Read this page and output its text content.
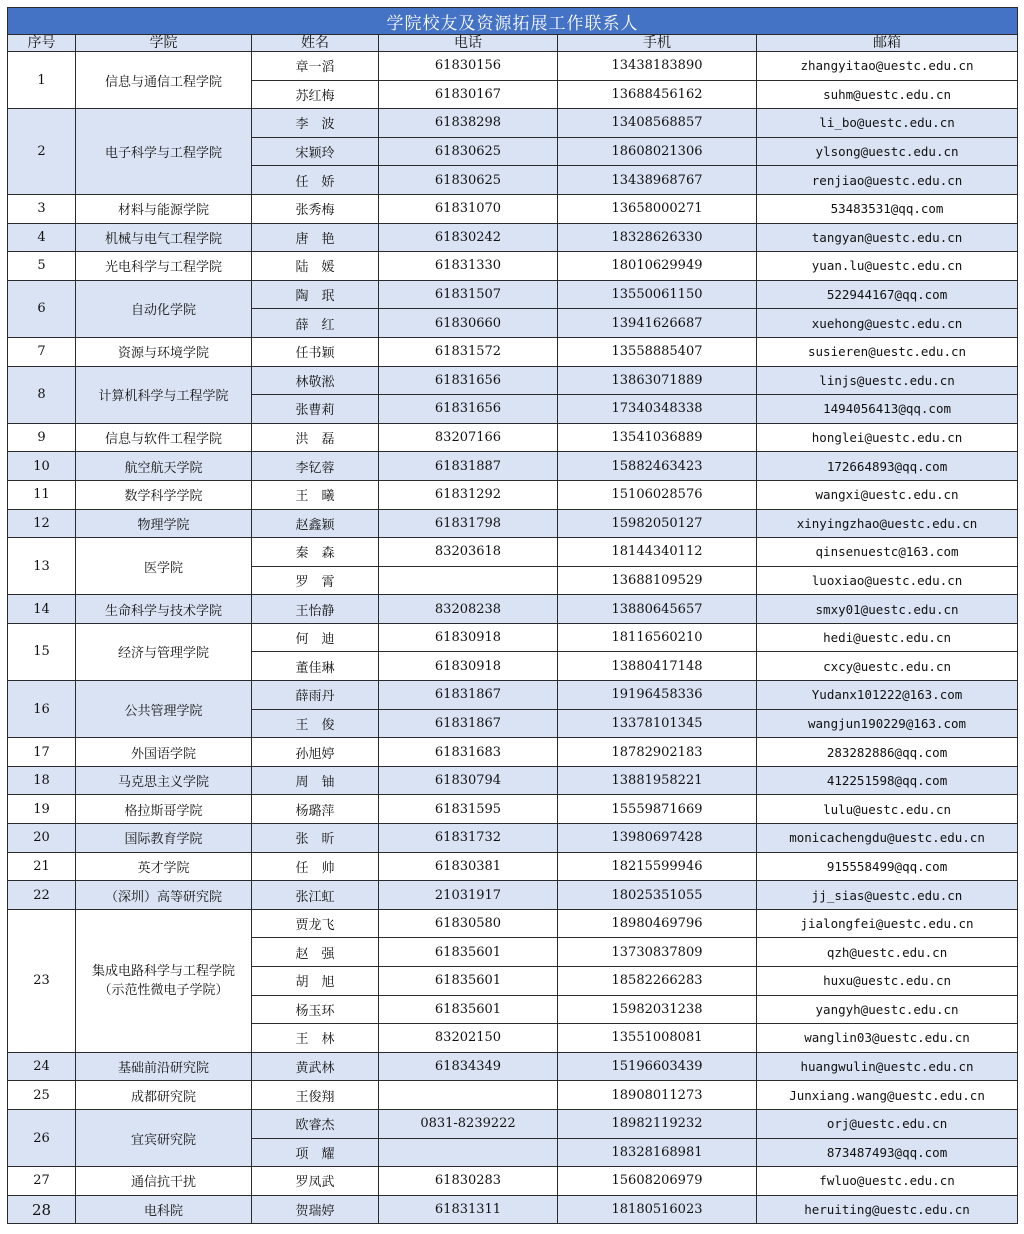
学院校友及资源拓展工作联系人					
序号	学院	姓名	电话	手机	邮箱
1	信息与通信工程学院	章一滔	61830156	13438183890	zhangyitao@uestc.edu.cn
		苏红梅	61830167	13688456162	suhm@uestc.edu.cn
2	电子科学与工程学院	李　波	61838298	13408568857	li_bo@uestc.edu.cn
		宋颖玲	61830625	18608021306	ylsong@uestc.edu.cn
		任　娇	61830625	13438968767	renjiao@uestc.edu.cn
3	材料与能源学院	张秀梅	61831070	13658000271	53483531@qq.com
4	机械与电气工程学院	唐　艳	61830242	18328626330	tangyan@uestc.edu.cn
5	光电科学与工程学院	陆　媛	61831330	18010629949	yuan.lu@uestc.edu.cn
6	自动化学院	陶　珉	61831507	13550061150	522944167@qq.com
		薛　红	61830660	13941626687	xuehong@uestc.edu.cn
7	资源与环境学院	任书颖	61831572	13558885407	susieren@uestc.edu.cn
8	计算机科学与工程学院	林敬淞	61831656	13863071889	linjs@uestc.edu.cn
		张曹莉	61831656	17340348338	1494056413@qq.com
9	信息与软件工程学院	洪　磊	83207166	13541036889	honglei@uestc.edu.cn
10	航空航天学院	李钇蓉	61831887	15882463423	172664893@qq.com
11	数学科学学院	王　曦	61831292	15106028576	wangxi@uestc.edu.cn
12	物理学院	赵鑫颖	61831798	15982050127	xinyingzhao@uestc.edu.cn
13	医学院	秦　森	83203618	18144340112	qinsenuestc@163.com
		罗　霄		13688109529	luoxiao@uestc.edu.cn
14	生命科学与技术学院	王怡静	83208238	13880645657	smxy01@uestc.edu.cn
15	经济与管理学院	何　迪	61830918	18116560210	hedi@uestc.edu.cn
		董佳琳	61830918	13880417148	cxcy@uestc.edu.cn
16	公共管理学院	薛雨丹	61831867	19196458336	Yudanx101222@163.com
		王　俊	61831867	13378101345	wangjun190229@163.com
17	外国语学院	孙旭婷	61831683	18782902183	283282886@qq.com
18	马克思主义学院	周　铀	61830794	13881958221	412251598@qq.com
19	格拉斯哥学院	杨璐萍	61831595	15559871669	lulu@uestc.edu.cn
20	国际教育学院	张　昕	61831732	13980697428	monicachengdu@uestc.edu.cn
21	英才学院	任　帅	61830381	18215599946	915558499@qq.com
22	（深圳）高等研究院	张江虹	21031917	18025351055	jj_sias@uestc.edu.cn
23	集成电路科学与工程学院（示范性微电子学院）	贾龙飞	61830580	18980469796	jialongfei@uestc.edu.cn
		赵　强	61835601	13730837809	qzh@uestc.edu.cn
		胡　旭	61835601	18582266283	huxu@uestc.edu.cn
		杨玉环	61835601	15982031238	yangyh@uestc.edu.cn
		王　林	83202150	13551008081	wanglin03@uestc.edu.cn
24	基础前沿研究院	黄武林	61834349	15196603439	huangwulin@uestc.edu.cn
25	成都研究院	王俊翔		18908011273	Junxiang.wang@uestc.edu.cn
26	宜宾研究院	欧睿杰	0831-8239222	18982119232	orj@uestc.edu.cn
		项　耀		18328168981	873487493@qq.com
27	通信抗干扰	罗凤武	61830283	15608206979	fwluo@uestc.edu.cn
28	电科院	贺瑞婷	61831311	18180516023	heruiting@uestc.edu.cn
